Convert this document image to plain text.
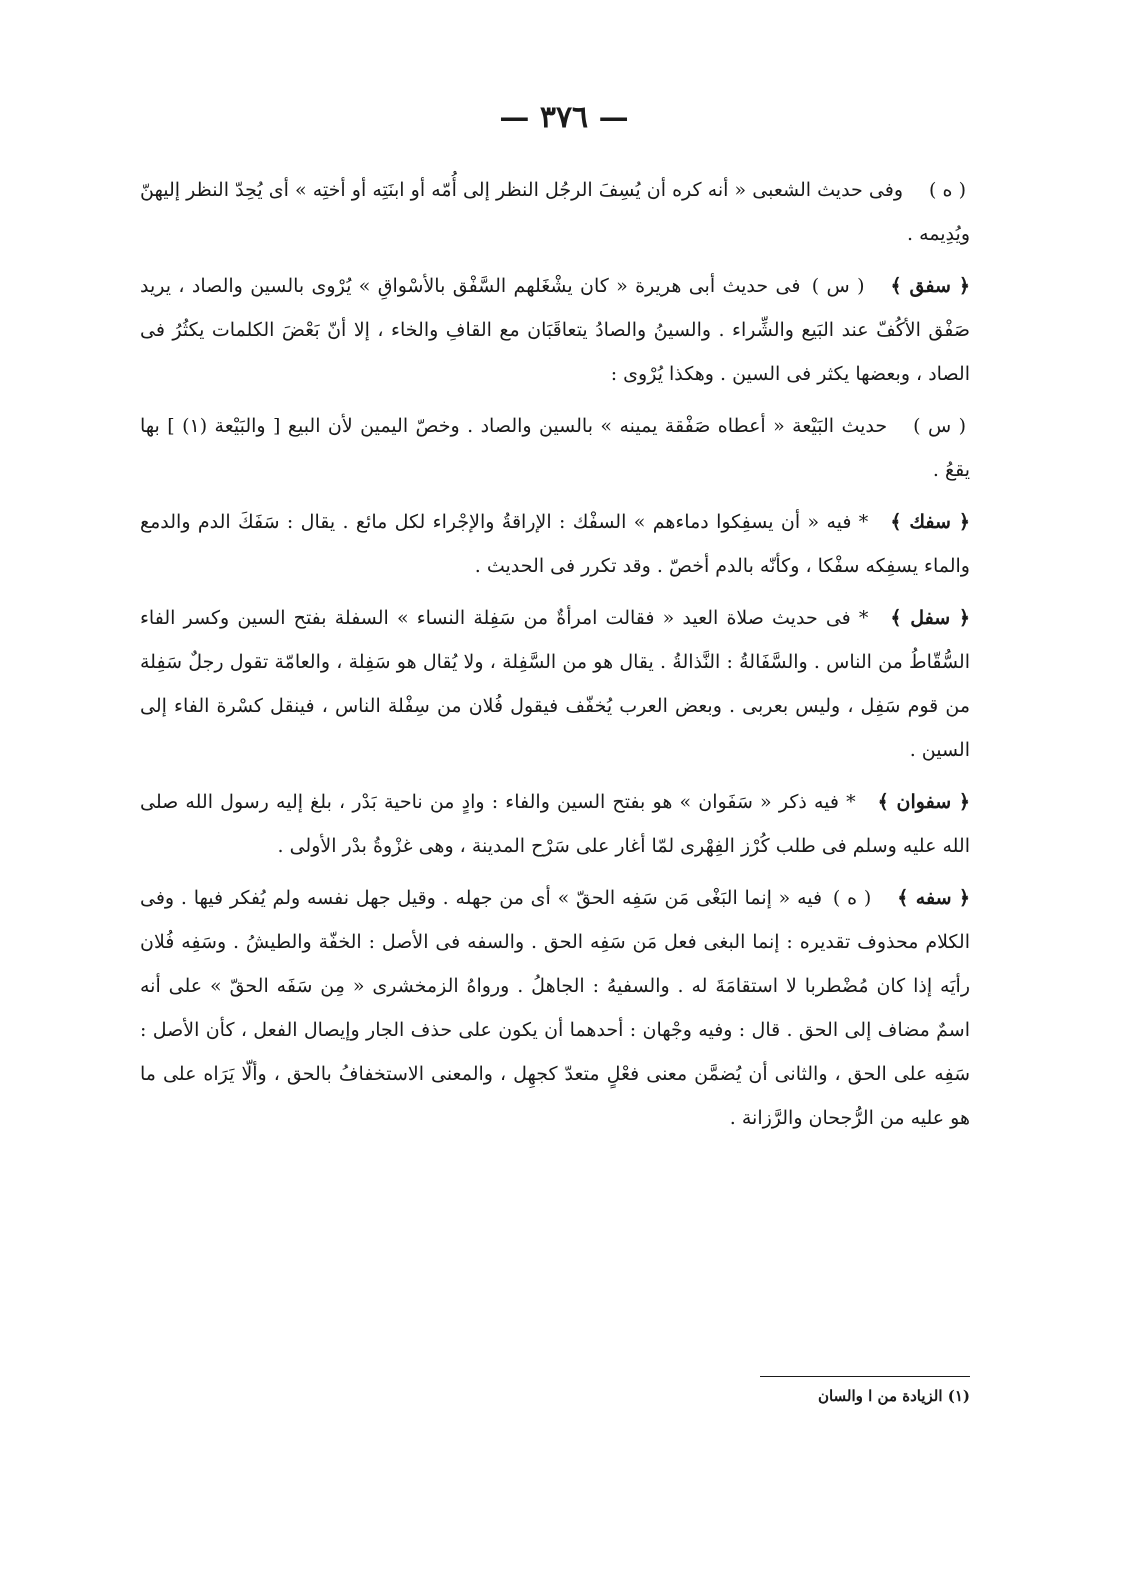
— ٣٧٦ —

( ه )وفى حديث الشعبى « أنه كره أن يُسِفَ الرجُل النظر إلى أُمّه أو ابنَتِه أو أختِه » أى يُحِدّ النظر إليهنّ ويُدِيمه .

﴿ سفق ﴾( س ) فى حديث أبى هريرة « كان يشْغَلهم السَّفْق بالأسْواقِ » يُرْوى بالسين والصاد ، يريد صَفْق الأكُفّ عند البَيع والشِّراء . والسينُ والصادُ يتعاقَبَان مع القافِ والخاء ، إلا أنّ بَعْضَ الكلمات يكثُرُ فى الصاد ، وبعضها يكثر فى السين . وهكذا يُرْوى :

( س )حديث البَيْعة « أعطاه صَفْقة يمينه » بالسين والصاد . وخصّ اليمين لأن البيع [ والبَيْعة (١) ] بها يقعُ .

﴿ سفك ﴾* فيه « أن يسفِكوا دماءهم » السفْك : الإراقةُ والإجْراء لكل مائع . يقال : سَفَكَ الدم والدمع والماء يسفِكه سفْكا ، وكأنّه بالدم أخصّ . وقد تكرر فى الحديث .

﴿ سفل ﴾* فى حديث صلاة العيد « فقالت امرأةٌ من سَفِلة النساء » السفلة بفتح السين وكسر الفاء السُّقّاطُ من الناس . والسَّفَالةُ : النَّذالةُ . يقال هو من السَّفِلة ، ولا يُقال هو سَفِلة ، والعامّة تقول رجلٌ سَفِلة من قوم سَفِل ، وليس بعربى . وبعض العرب يُخفّف فيقول فُلان من سِفْلة الناس ، فينقل كسْرة الفاء إلى السين .

﴿ سفوان ﴾* فيه ذكر « سَفَوان » هو بفتح السين والفاء : وادٍ من ناحية بَدْر ، بلغ إليه رسول الله صلى الله عليه وسلم فى طلب كُرْز الفِهْرى لمّا أغار على سَرْح المدينة ، وهى غزْوةُ بدْر الأولى .

﴿ سفه ﴾( ه ) فيه « إنما البَغْى مَن سَفِه الحقّ » أى من جهله . وقيل جهل نفسه ولم يُفكر فيها . وفى الكلام محذوف تقديره : إنما البغى فعل مَن سَفِه الحق . والسفه فى الأصل : الخفّة والطيشُ . وسَفِه فُلان رأيَه إذا كان مُضْطربا لا استقامَةَ له . والسفيهُ : الجاهلُ . ورواهُ الزمخشرى « مِن سَفَه الحقّ » على أنه اسمٌ مضاف إلى الحق . قال : وفيه وجْهان : أحدهما أن يكون على حذف الجار وإيصال الفعل ، كأن الأصل : سَفِه على الحق ، والثانى أن يُضمَّن معنى فعْلٍ متعدّ كجهِل ، والمعنى الاستخفافُ بالحق ، وألّا يَرَاه على ما هو عليه من الرُّجحان والرَّزانة .

(١) الزيادة من ا والسان
